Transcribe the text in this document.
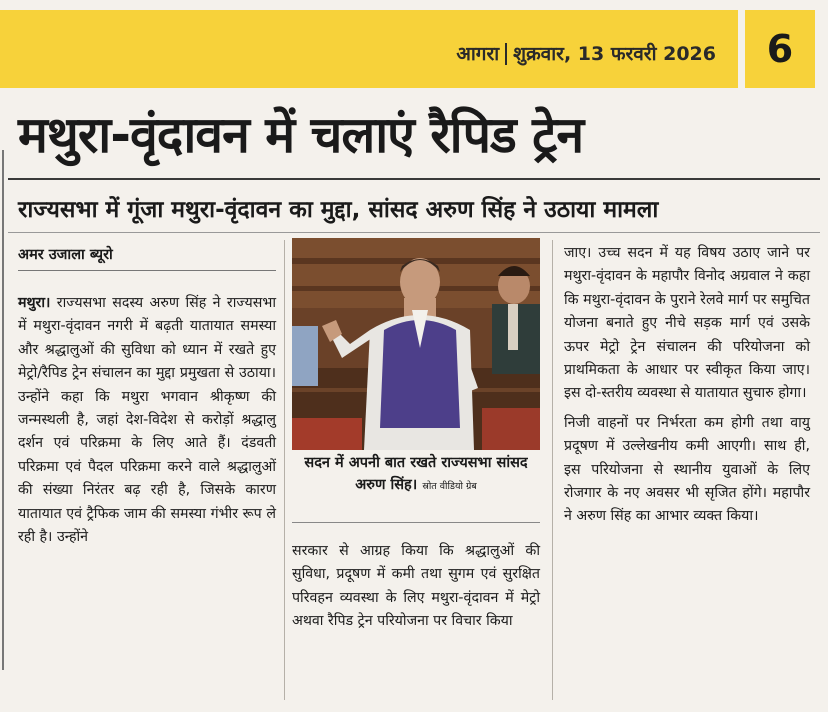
आगरा शुक्रवार, 13 फरवरी 2026	6
मथुरा-वृंदावन में चलाएं रैपिड ट्रेन
राज्यसभा में गूंजा मथुरा-वृंदावन का मुद्दा, सांसद अरुण सिंह ने उठाया मामला
अमर उजाला ब्यूरो

मथुरा। राज्यसभा सदस्य अरुण सिंह ने राज्यसभा में मथुरा-वृंदावन नगरी में बढ़ती यातायात समस्या और श्रद्धालुओं की सुविधा को ध्यान में रखते हुए मेट्रो/रैपिड ट्रेन संचालन का मुद्दा प्रमुखता से उठाया। उन्होंने कहा कि मथुरा भगवान श्रीकृष्ण की जन्मस्थली है, जहां देश-विदेश से करोड़ों श्रद्धालु दर्शन एवं परिक्रमा के लिए आते हैं। दंडवती परिक्रमा एवं पैदल परिक्रमा करने वाले श्रद्धालुओं की संख्या निरंतर बढ़ रही है, जिसके कारण यातायात एवं ट्रैफिक जाम की समस्या गंभीर रूप ले रही है। उन्होंने

सदन में अपनी बात रखते राज्यसभा सांसद अरुण सिंह। स्रोत वीडियो ग्रेब

सरकार से आग्रह किया कि श्रद्धालुओं की सुविधा, प्रदूषण में कमी तथा सुगम एवं सुरक्षित परिवहन व्यवस्था के लिए मथुरा-वृंदावन में मेट्रो अथवा रैपिड ट्रेन परियोजना पर विचार किया

जाए। उच्च सदन में यह विषय उठाए जाने पर मथुरा-वृंदावन के महापौर विनोद अग्रवाल ने कहा कि मथुरा-वृंदावन के पुराने रेलवे मार्ग पर समुचित योजना बनाते हुए नीचे सड़क मार्ग एवं उसके ऊपर मेट्रो ट्रेन संचालन की परियोजना को प्राथमिकता के आधार पर स्वीकृत किया जाए। इस दो-स्तरीय व्यवस्था से यातायात सुचारु होगा।

निजी वाहनों पर निर्भरता कम होगी तथा वायु प्रदूषण में उल्लेखनीय कमी आएगी। साथ ही, इस परियोजना से स्थानीय युवाओं के लिए रोजगार के नए अवसर भी सृजित होंगे। महापौर ने अरुण सिंह का आभार व्यक्त किया।
